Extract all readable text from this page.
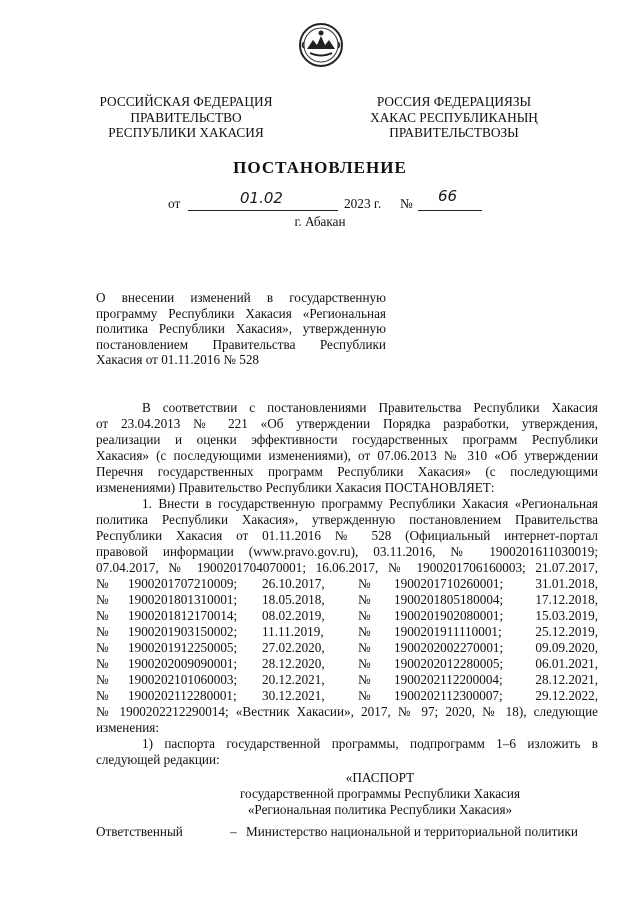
РОССИЙСКАЯ ФЕДЕРАЦИЯ
ПРАВИТЕЛЬСТВО
РЕСПУБЛИКИ ХАКАСИЯ
РОССИЯ ФЕДЕРАЦИЯЗЫ
ХАКАС РЕСПУБЛИКАНЫҢ
ПРАВИТЕЛЬСТВОЗЫ
ПОСТАНОВЛЕНИЕ
от	01.02	2023 г. № 66
г. Абакан
О внесении изменений в государственную программу Республики Хакасия «Региональная политика Республики Хакасия», утвержденную постановлением Правительства Республики Хакасия от 01.11.2016 № 528
В соответствии с постановлениями Правительства Республики Хакасия
от 23.04.2013 № 221 «Об утверждении Порядка разработки, утверждения,
реализации и оценки эффективности государственных программ Республики
Хакасия» (с последующими изменениями), от 07.06.2013 № 310 «Об утверждении
Перечня государственных программ Республики Хакасия» (с последующими
изменениями) Правительство Республики Хакасия ПОСТАНОВЛЯЕТ:
1. Внести в государственную программу Республики Хакасия «Региональная
политика Республики Хакасия», утвержденную постановлением Правительства
Республики Хакасия от 01.11.2016 № 528 (Официальный интернет-портал
правовой информации (www.pravo.gov.ru), 03.11.2016, № 1900201611030019;
07.04.2017, № 1900201704070001; 16.06.2017, № 1900201706160003; 21.07.2017,
№ 1900201707210009; 26.10.2017,	№ 1900201710260001; 31.01.2018,
№ 1900201801310001; 18.05.2018,	№ 1900201805180004; 17.12.2018,
№ 1900201812170014; 08.02.2019,	№ 1900201902080001; 15.03.2019,
№ 1900201903150002; 11.11.2019,	№ 1900201911110001;	25.12.2019,
№ 1900201912250005; 27.02.2020,	№ 1900202002270001; 09.09.2020,
№ 1900202009090001; 28.12.2020,	№ 1900202012280005; 06.01.2021,
№ 1900202101060003; 20.12.2021,	№ 1900202112200004; 28.12.2021,
№ 1900202112280001; 30.12.2021,	№ 1900202112300007; 29.12.2022,
№ 1900202212290014; «Вестник Хакасии», 2017, № 97; 2020, № 18), следующие
изменения:
1) паспорта государственной программы, подпрограмм 1–6 изложить в
следующей редакции:
«ПАСПОРТ
государственной программы Республики Хакасия
«Региональная политика Республики Хакасия»
Ответственный	– Министерство национальной и территориальной политики
